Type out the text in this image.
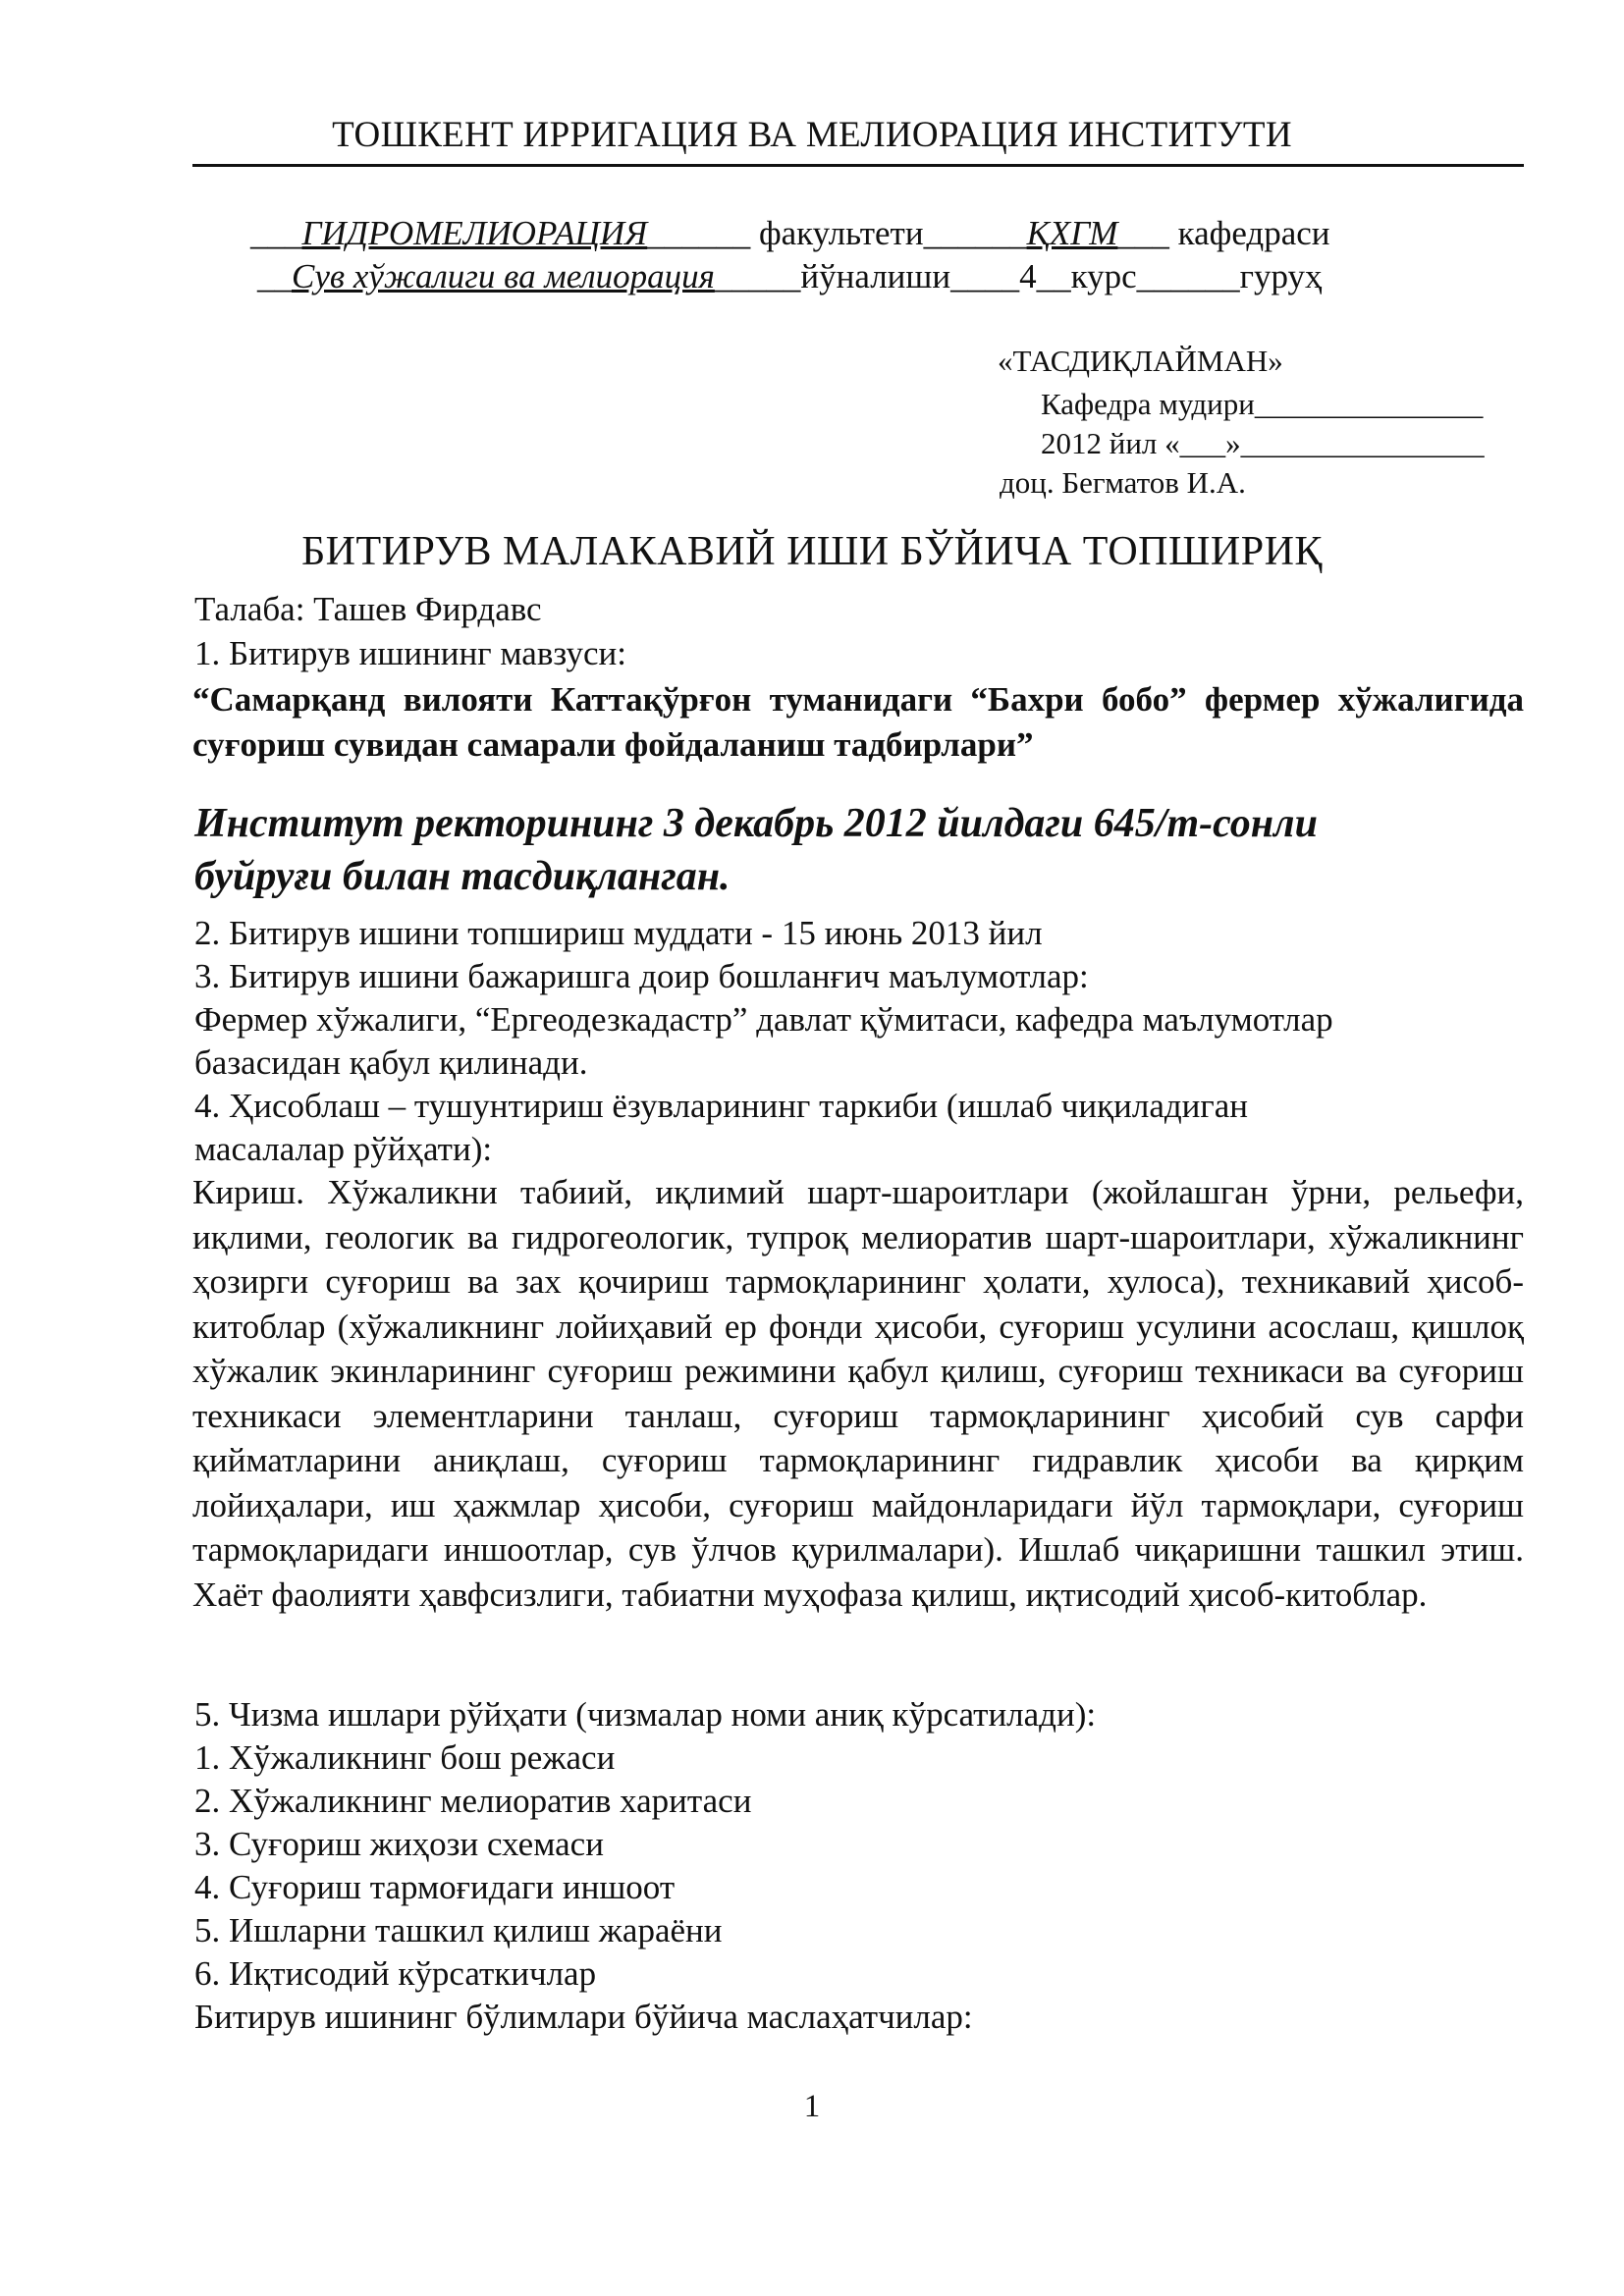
ТОШКЕНТ ИРРИГАЦИЯ ВА МЕЛИОРАЦИЯ ИНСТИТУТИ
___ГИДРОМЕЛИОРАЦИЯ______ факультети______ҚХГМ___ кафедраси
__Сув хўжалиги ва мелиорация_____йўналиши____4__курс______гуруҳ
«ТАСДИҚЛАЙМАН»
Кафедра мудири_______________
2012 йил «___»________________
доц. Бегматов И.А.
БИТИРУВ МАЛАКАВИЙ ИШИ БЎЙИЧА ТОПШИРИҚ
Талаба: Ташев Фирдавс
1. Битирув ишининг мавзуси:
“Самарқанд вилояти Каттақўрғон туманидаги “Бахри бобо” фермер хўжалигида суғориш сувидан самарали фойдаланиш тадбирлари”
Институт ректорининг 3 декабрь 2012 йилдаги 645/т-сонли
буйруғи билан тасдиқланган.
2. Битирув ишини топшириш муддати - 15 июнь 2013 йил
3. Битирув ишини бажаришга доир бошланғич маълумотлар:
Фермер хўжалиги, “Ергеодезкадастр” давлат қўмитаси, кафедра маълумотлар
базасидан қабул қилинади.
4. Ҳисоблаш – тушунтириш ёзувларининг таркиби (ишлаб чиқиладиган
масалалар рўйҳати):
Кириш. Хўжаликни табиий, иқлимий шарт-шароитлари (жойлашган ўрни, рельефи, иқлими, геологик ва гидрогеологик, тупроқ мелиоратив шарт-шароитлари, хўжаликнинг ҳозирги суғориш ва зах қочириш тармоқларининг ҳолати, хулоса), техникавий ҳисоб-китоблар (хўжаликнинг лойиҳавий ер фонди ҳисоби, суғориш усулини асослаш, қишлоқ хўжалик экинларининг суғориш режимини қабул қилиш, суғориш техникаси ва суғориш техникаси элементларини танлаш, суғориш тармоқларининг ҳисобий сув сарфи қийматларини аниқлаш, суғориш тармоқларининг гидравлик ҳисоби ва қирқим лойиҳалари, иш ҳажмлар ҳисоби, суғориш майдонларидаги йўл тармоқлари, суғориш тармоқларидаги иншоотлар, сув ўлчов қурилмалари). Ишлаб чиқаришни ташкил этиш. Хаёт фаолияти ҳавфсизлиги, табиатни муҳофаза қилиш, иқтисодий ҳисоб-китоблар.
5. Чизма ишлари рўйҳати (чизмалар номи аниқ кўрсатилади):
1. Хўжаликнинг бош режаси
2. Хўжаликнинг мелиоратив харитаси
3. Суғориш жиҳози схемаси
4. Суғориш тармоғидаги иншоот
5. Ишларни ташкил қилиш жараёни
6. Иқтисодий кўрсаткичлар
Битирув ишининг бўлимлари бўйича маслаҳатчилар:
1
